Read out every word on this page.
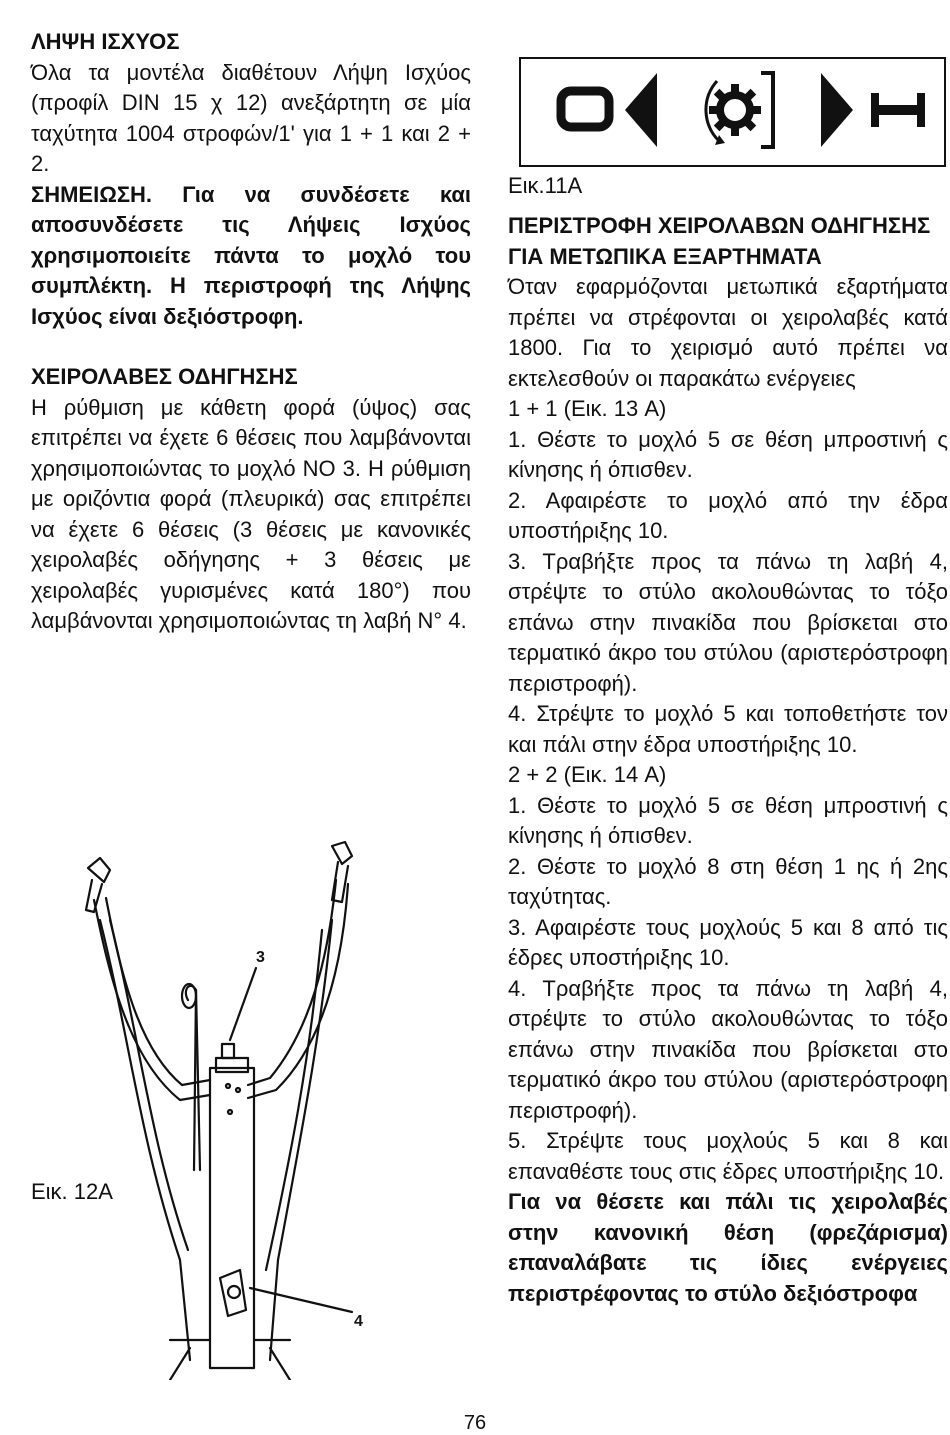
ΛΗΨΗ ΙΣΧΥΟΣ

Όλα τα μοντέλα διαθέτουν Λήψη Ισχύος (προφίλ DIN 15 χ 12) ανεξάρτητη σε μία ταχύτητα 1004 στροφών/1' για 1 + 1 και 2 + 2.

ΣΗΜΕΙΩΣΗ. Για να συνδέσετε και αποσυνδέσετε τις Λήψεις Ισχύος χρησιμοποιείτε πάντα το μοχλό του συμπλέκτη. Η περιστροφή της Λήψης Ισχύος είναι δεξιόστροφη.

ΧΕΙΡΟΛΑΒΕΣ ΟΔΗΓΗΣΗΣ

Η ρύθμιση με κάθετη φορά (ύψος) σας επιτρέπει να έχετε 6 θέσεις που λαμβάνονται χρησιμοποιώντας το μοχλό ΝΟ 3. Η ρύθμιση με οριζόντια φορά (πλευρικά) σας επιτρέπει να έχετε 6 θέσεις (3 θέσεις με κανονικές χειρολαβές οδήγησης + 3 θέσεις με χειρολαβές γυρισμένες κατά 180°) που λαμβάνονται χρησιμοποιώντας τη λαβή N° 4.

Εικ. 12A
3
4
Εικ.11A

ΠΕΡΙΣΤΡΟΦΗ ΧΕΙΡΟΛΑΒΩΝ ΟΔΗΓΗΣΗΣ ΓΙΑ ΜΕΤΩΠΙΚΑ ΕΞΑΡΤΗΜΑΤΑ

Όταν εφαρμόζονται μετωπικά εξαρτήματα πρέπει να στρέφονται οι χειρολαβές κατά 1800. Για το χειρισμό αυτό πρέπει να εκτελεσθούν οι παρακάτω ενέργειες

1 + 1 (Εικ. 13 A)

1. Θέστε το μοχλό 5 σε θέση μπροστινή ς κίνησης ή όπισθεν.

2. Αφαιρέστε το μοχλό από την έδρα υποστήριξης 10.

3. Τραβήξτε προς τα πάνω τη λαβή 4, στρέψτε το στύλο ακολουθώντας το τόξο επάνω στην πινακίδα που βρίσκεται στο τερματικό άκρο του στύλου (αριστερόστροφη περιστροφή).

4. Στρέψτε το μοχλό 5 και τοποθετήστε τον και πάλι στην έδρα υποστήριξης 10.

2 + 2 (Εικ. 14 A)

1. Θέστε το μοχλό 5 σε θέση μπροστινή ς κίνησης ή όπισθεν.

2. Θέστε το μοχλό 8 στη θέση 1 ης ή 2ης ταχύτητας.

3. Αφαιρέστε τους μοχλούς 5 και 8 από τις έδρες υποστήριξης 10.

4. Τραβήξτε προς τα πάνω τη λαβή 4, στρέψτε το στύλο ακολουθώντας το τόξο επάνω στην πινακίδα που βρίσκεται στο τερματικό άκρο του στύλου (αριστερόστροφη περιστροφή).

5. Στρέψτε τους μοχλούς 5 και 8 και επαναθέστε τους στις έδρες υποστήριξης 10.

Για να θέσετε και πάλι τις χειρολαβές στην κανονική θέση (φρεζάρισμα) επαναλάβατε τις ίδιες ενέργειες περιστρέφοντας το στύλο δεξιόστροφα

76
